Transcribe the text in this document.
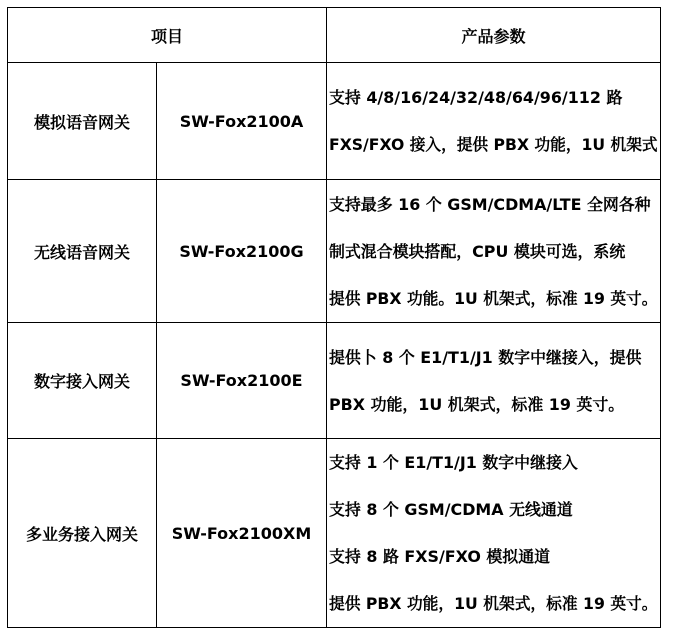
项目		产品参数
模拟语音网关	SW-Fox2100A	支持 4/8/16/24/32/48/64/96/112 路
FXS/FXO 接入，提供 PBX 功能，1U 机架式

无线语音网关	SW-Fox2100G	支持最多 16 个 GSM/CDMA/LTE 全网各种
制式混合模块搭配，CPU 模块可选，系统
提供 PBX 功能。1U 机架式，标准 19 英寸。

数字接入网关	SW-Fox2100E	提供卜 8 个 E1/T1/J1 数字中继接入，提供
PBX 功能，1U 机架式，标准 19 英寸。

多业务接入网关	SW-Fox2100XM	支持 1 个 E1/T1/J1 数字中继接入
支持 8 个 GSM/CDMA 无线通道
支持 8 路 FXS/FXO 模拟通道
提供 PBX 功能，1U 机架式，标准 19 英寸。
